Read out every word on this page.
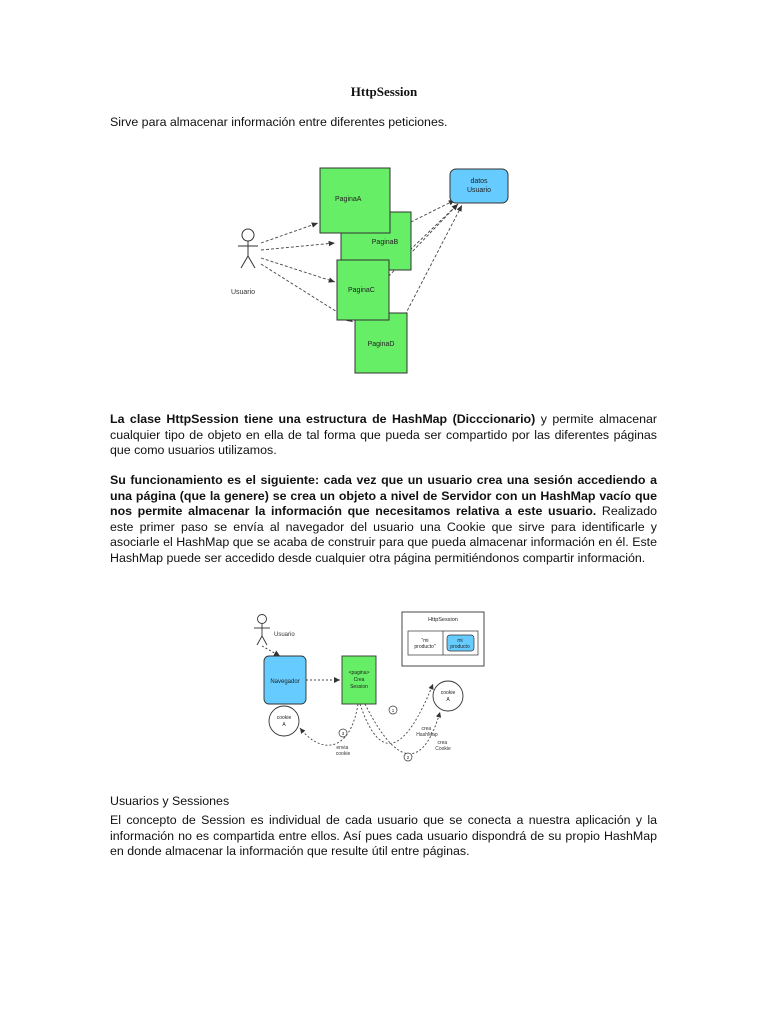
HttpSession
Sirve para almacenar información entre diferentes peticiones.
Usuario
PaginaB
PaginaA
PaginaD
PaginaC
datos
Usuario
La clase HttpSession tiene una estructura de HashMap (Dicccionario) y permite almacenar cualquier tipo de objeto en ella de tal forma que pueda ser compartido por las diferentes páginas que como usuarios utilizamos.
Su funcionamiento es el siguiente: cada vez que un usuario crea una sesión accediendo a una página (que la genere) se crea un objeto a nivel de Servidor con un HashMap vacío que nos permite almacenar la información que necesitamos relativa a este usuario. Realizado este primer paso se envía al navegador del usuario una Cookie que sirve para identificarle y asociarle el HashMap que se acaba de construir para que pueda almacenar información en él. Este HashMap puede ser accedido desde cualquier otra página permitiéndonos compartir información.
Usuario
Navegador
<pagina>
Crea
Session
cookie
A
HttpSession
"mi
producto"
mi
producto
cookie
A
1
2
3
crea HashMap
crea Cookie
envia cookie
Usuarios y Sessiones
El concepto de Session es individual de cada usuario que se conecta a nuestra aplicación y la información no es compartida entre ellos. Así pues cada usuario dispondrá de su propio HashMap en donde almacenar la información que resulte útil entre páginas.
